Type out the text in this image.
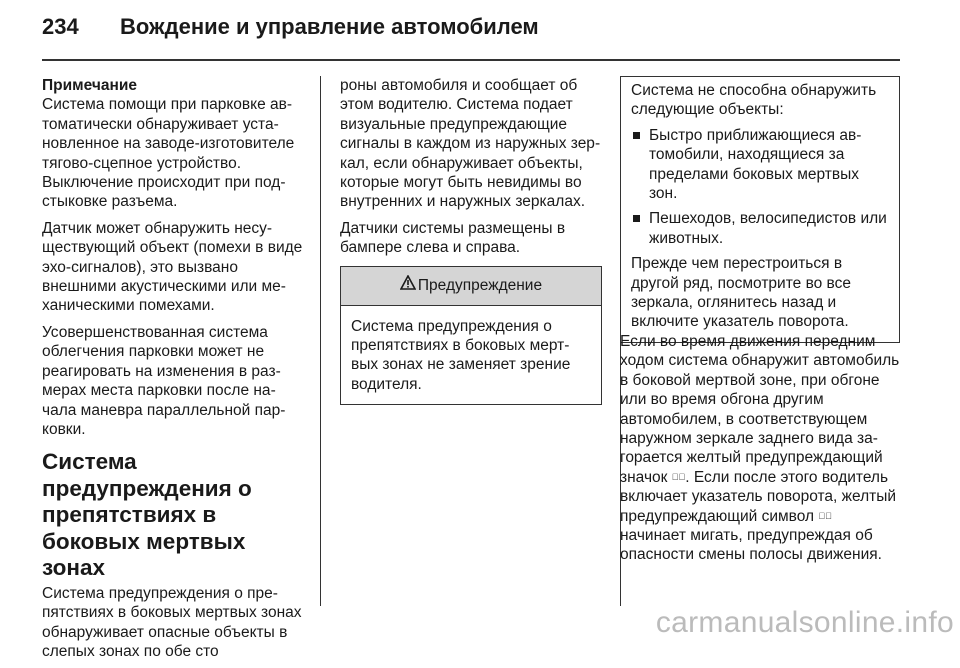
234 Вождение и управление автомобилем
Примечание

Система помощи при парковке автоматически обнаруживает установленное на заводе-изготовителе тягово-сцепное устройство. Выключение происходит при подстыковке разъема.

Датчик может обнаружить несуществующий объект (помехи в виде эхо-сигналов), это вызвано внешними акустическими или механическими помехами.

Усовершенствованная система облегчения парковки может не реагировать на изменения в размерах места парковки после начала маневра параллельной парковки.

Система предупреждения о препятствиях в боковых мертвых зонах

Система предупреждения о препятствиях в боковых мертвых зонах обнаруживает опасные объекты в слепых зонах по обе сто

роны автомобиля и сообщает об этом водителю. Система подает визуальные предупреждающие сигналы в каждом из наружных зеркал, если обнаруживает объекты, которые могут быть невидимы во внутренних и наружных зеркалах.

Датчики системы размещены в бампере слева и справа.

Предупреждение
Система предупреждения о препятствиях в боковых мертвых зонах не заменяет зрение водителя.

Система не способна обнаружить следующие объекты:

Быстро приближающиеся автомобили, находящиеся за пределами боковых мертвых зон.
Пешеходов, велосипедистов или животных.

Прежде чем перестроиться в другой ряд, посмотрите во все зеркала, оглянитесь назад и включите указатель поворота.

Если во время движения передним ходом система обнаружит автомобиль в боковой мертвой зоне, при обгоне или во время обгона другим автомобилем, в соответствующем наружном зеркале заднего вида загорается желтый предупреждающий значок ⊿⃞. Если после этого водитель включает указатель поворота, желтый предупреждающий символ ⊿⃞ начинает мигать, предупреждая об опасности смены полосы движения.

carmanualsonline.info
